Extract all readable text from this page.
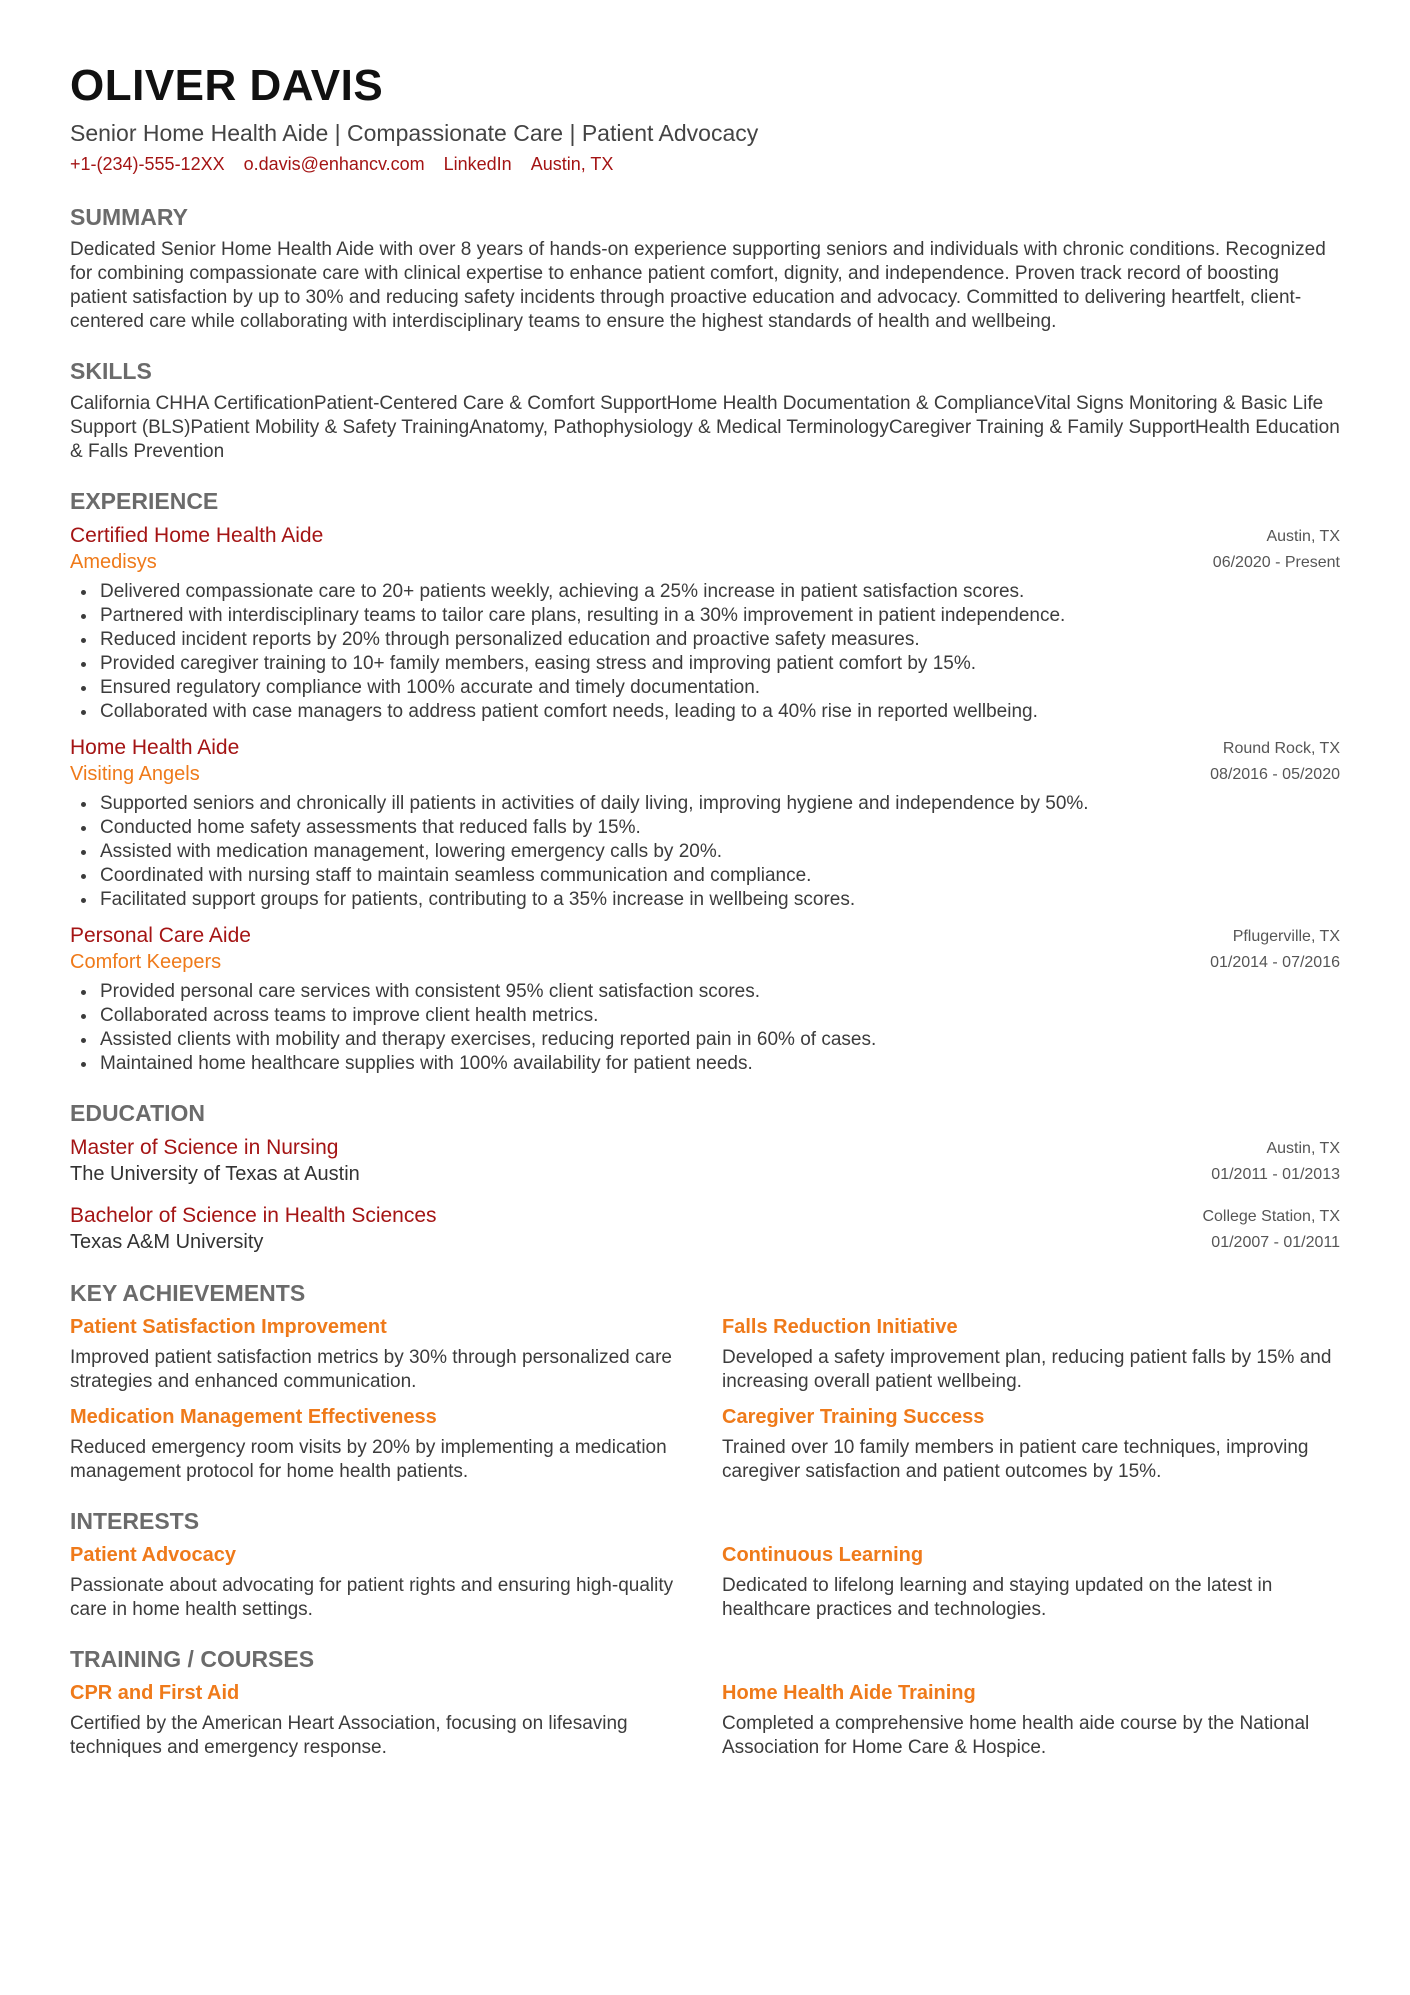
OLIVER DAVIS
Senior Home Health Aide | Compassionate Care | Patient Advocacy
+1-(234)-555-12XX o.davis@enhancv.com LinkedIn Austin, TX
SUMMARY
Dedicated Senior Home Health Aide with over 8 years of hands-on experience supporting seniors and individuals with chronic conditions. Recognized for combining compassionate care with clinical expertise to enhance patient comfort, dignity, and independence. Proven track record of boosting patient satisfaction by up to 30% and reducing safety incidents through proactive education and advocacy. Committed to delivering heartfelt, client-centered care while collaborating with interdisciplinary teams to ensure the highest standards of health and wellbeing.
SKILLS
California CHHA CertificationPatient-Centered Care & Comfort SupportHome Health Documentation & ComplianceVital Signs Monitoring & Basic Life Support (BLS)Patient Mobility & Safety TrainingAnatomy, Pathophysiology & Medical TerminologyCaregiver Training & Family SupportHealth Education & Falls Prevention
EXPERIENCE
Certified Home Health Aide
Amedisys
Austin, TX
06/2020 - Present
• Delivered compassionate care to 20+ patients weekly, achieving a 25% increase in patient satisfaction scores.
• Partnered with interdisciplinary teams to tailor care plans, resulting in a 30% improvement in patient independence.
• Reduced incident reports by 20% through personalized education and proactive safety measures.
• Provided caregiver training to 10+ family members, easing stress and improving patient comfort by 15%.
• Ensured regulatory compliance with 100% accurate and timely documentation.
• Collaborated with case managers to address patient comfort needs, leading to a 40% rise in reported wellbeing.
Home Health Aide
Visiting Angels
Round Rock, TX
08/2016 - 05/2020
• Supported seniors and chronically ill patients in activities of daily living, improving hygiene and independence by 50%.
• Conducted home safety assessments that reduced falls by 15%.
• Assisted with medication management, lowering emergency calls by 20%.
• Coordinated with nursing staff to maintain seamless communication and compliance.
• Facilitated support groups for patients, contributing to a 35% increase in wellbeing scores.
Personal Care Aide
Comfort Keepers
Pflugerville, TX
01/2014 - 07/2016
• Provided personal care services with consistent 95% client satisfaction scores.
• Collaborated across teams to improve client health metrics.
• Assisted clients with mobility and therapy exercises, reducing reported pain in 60% of cases.
• Maintained home healthcare supplies with 100% availability for patient needs.
EDUCATION
Master of Science in Nursing
The University of Texas at Austin
Austin, TX
01/2011 - 01/2013
Bachelor of Science in Health Sciences
Texas A&M University
College Station, TX
01/2007 - 01/2011
KEY ACHIEVEMENTS
Patient Satisfaction Improvement
Improved patient satisfaction metrics by 30% through personalized care strategies and enhanced communication.
Falls Reduction Initiative
Developed a safety improvement plan, reducing patient falls by 15% and increasing overall patient wellbeing.
Medication Management Effectiveness
Reduced emergency room visits by 20% by implementing a medication management protocol for home health patients.
Caregiver Training Success
Trained over 10 family members in patient care techniques, improving caregiver satisfaction and patient outcomes by 15%.
INTERESTS
Patient Advocacy
Passionate about advocating for patient rights and ensuring high-quality care in home health settings.
Continuous Learning
Dedicated to lifelong learning and staying updated on the latest in healthcare practices and technologies.
TRAINING / COURSES
CPR and First Aid
Certified by the American Heart Association, focusing on lifesaving techniques and emergency response.
Home Health Aide Training
Completed a comprehensive home health aide course by the National Association for Home Care & Hospice.
